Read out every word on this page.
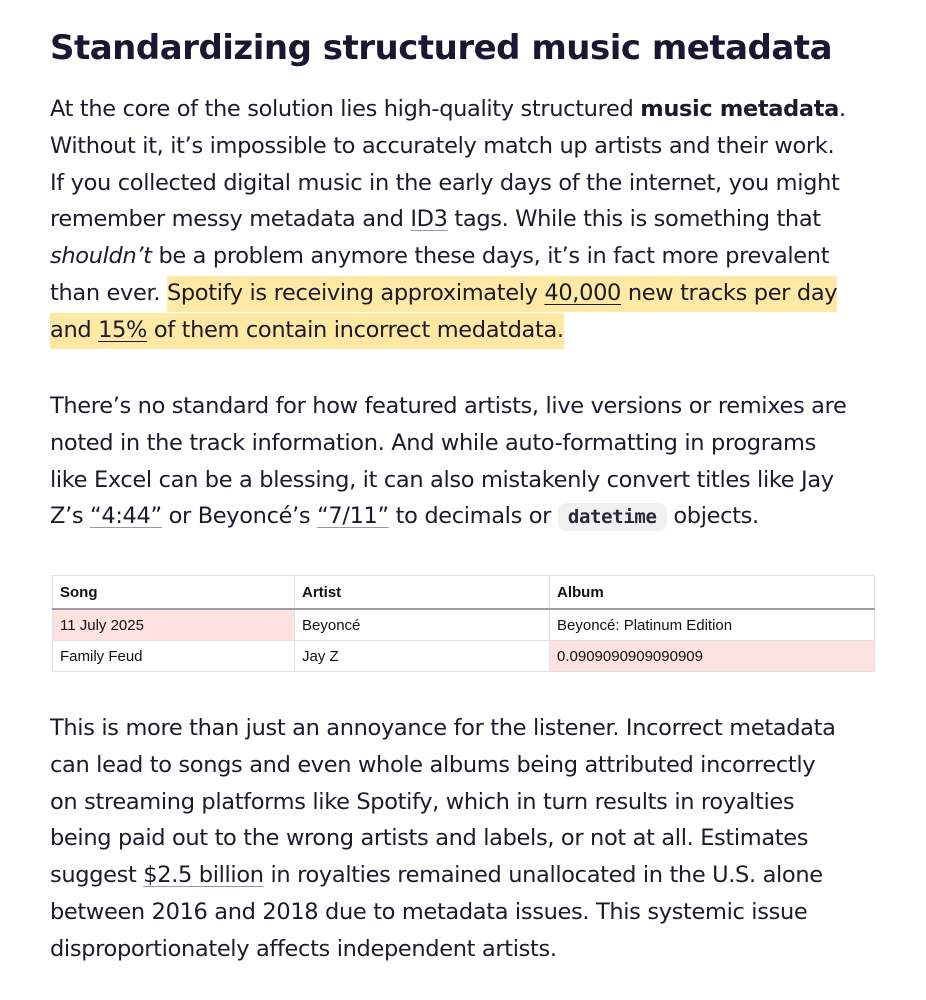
Standardizing structured music metadata
At the core of the solution lies high-quality structured music metadata.
Without it, it’s impossible to accurately match up artists and their work.
If you collected digital music in the early days of the internet, you might
remember messy metadata and ID3 tags. While this is something that
shouldn’t be a problem anymore these days, it’s in fact more prevalent
than ever. Spotify is receiving approximately 40,000 new tracks per day
and 15% of them contain incorrect medatdata.
There’s no standard for how featured artists, live versions or remixes are
noted in the track information. And while auto-formatting in programs
like Excel can be a blessing, it can also mistakenly convert titles like Jay
Z’s “4:44” or Beyoncé’s “7/11” to decimals or datetime objects.
Song	Artist	Album
11 July 2025	Beyoncé	Beyoncé: Platinum Edition
Family Feud	Jay Z	0.0909090909090909
This is more than just an annoyance for the listener. Incorrect metadata
can lead to songs and even whole albums being attributed incorrectly
on streaming platforms like Spotify, which in turn results in royalties
being paid out to the wrong artists and labels, or not at all. Estimates
suggest $2.5 billion in royalties remained unallocated in the U.S. alone
between 2016 and 2018 due to metadata issues. This systemic issue
disproportionately affects independent artists.
